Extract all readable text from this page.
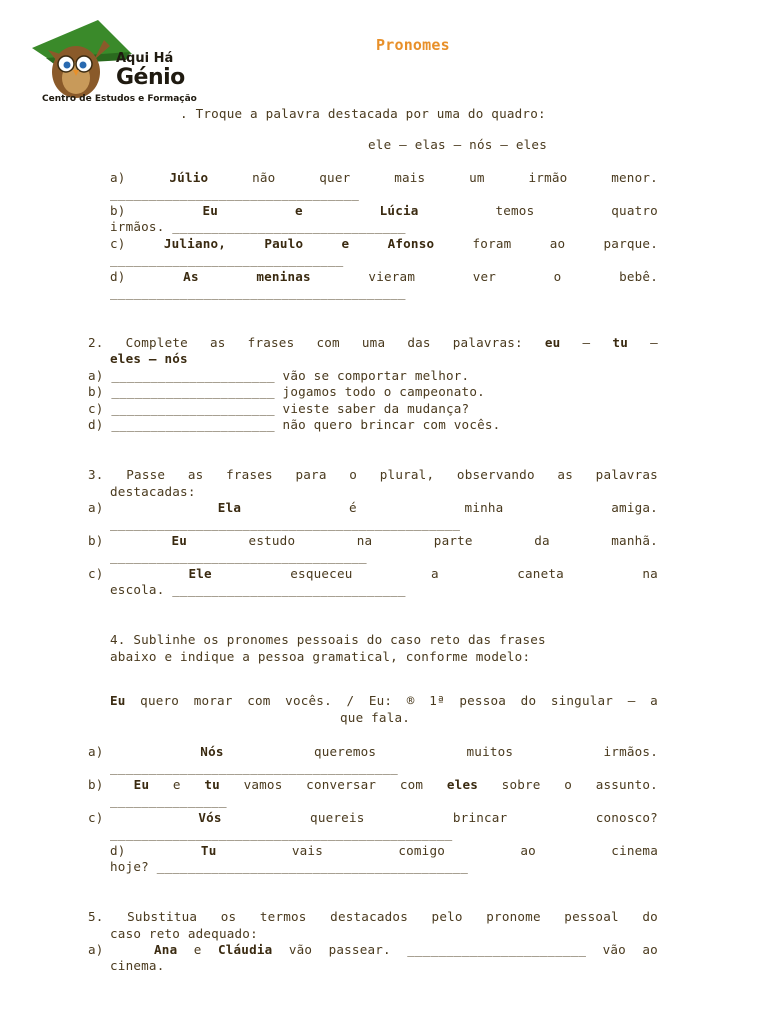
Aqui Há
Génio
Centro de Estudos e Formação
Pronomes
. Troque a palavra destacada por uma do quadro:
ele – elas – nós – eles
a)	Júlio	não	quer	mais	um	irmão	menor.
________________________________
b)	Eu	e	Lúcia	temos	quatro
irmãos. ______________________________
c)	Juliano,	Paulo	e	Afonso	foram	ao	parque.
______________________________
d)	As	meninas	vieram	ver	o	bebê.
______________________________________
2. Complete as frases com uma das palavras: eu – tu –
eles – nós
a) _____________________ vão se comportar melhor.
b) _____________________ jogamos todo o campeonato.
c) _____________________ vieste saber da mudança?
d) _____________________ não quero brincar com vocês.
3. Passe as frases para o plural, observando as palavras
destacadas:
a)	Ela	é	minha	amiga.
_____________________________________________
b)	Eu	estudo	na	parte	da	manhã.
_________________________________
c)	Ele	esqueceu	a	caneta	na
escola. ______________________________
4. Sublinhe os pronomes pessoais do caso reto das frases
abaixo e indique a pessoa gramatical, conforme modelo:
Eu quero morar com vocês. / Eu: ® 1ª pessoa do singular – a
que fala.
a)	Nós	queremos	muitos	irmãos.
_____________________________________
b) Eu e tu vamos conversar com eles sobre o assunto.
_______________
c)	Vós	quereis	brincar	conosco?
____________________________________________
d)	Tu	vais	comigo	ao	cinema
hoje? ________________________________________
5. Substitua os termos destacados pelo pronome pessoal do
caso reto adequado:
a)	Ana e Cláudia vão passear. _______________________ vão ao
cinema.
